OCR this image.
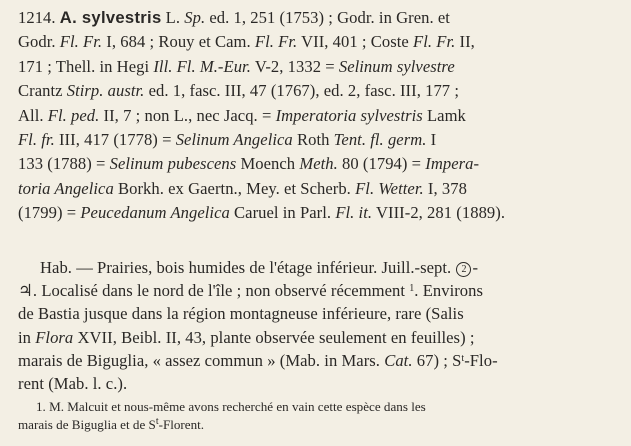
1214. A. sylvestris L. Sp. ed. 1, 251 (1753) ; Godr. in Gren. et
Godr. Fl. Fr. I, 684 ; Rouy et Cam. Fl. Fr. VII, 401 ; Coste Fl. Fr. II,
171 ; Thell. in Hegi Ill. Fl. M.-Eur. V-2, 1332 = Selinum sylvestre
Crantz Stirp. austr. ed. 1, fasc. III, 47 (1767), ed. 2, fasc. III, 177 ;
All. Fl. ped. II, 7 ; non L., nec Jacq. = Imperatoria sylvestris Lamk
Fl. fr. III, 417 (1778) = Selinum Angelica Roth Tent. fl. germ. I
133 (1788) = Selinum pubescens Moench Meth. 80 (1794) = Impera-
toria Angelica Borkh. ex Gaertn., Mey. et Scherb. Fl. Wetter. I, 378
(1799) = Peucedanum Angelica Caruel in Parl. Fl. it. VIII-2, 281 (1889).
Hab. — Prairies, bois humides de l'étage inférieur. Juill.-sept. 2 -
♃. Localisé dans le nord de l'île ; non observé récemment $^1$. Environs
de Bastia jusque dans la région montagneuse inférieure, rare (Salis
in Flora XVII, Beibl. II, 43, plante observée seulement en feuilles) ;
marais de Biguglia, « assez commun » (Mab. in Mars. Cat. 67) ; $S^t-Flo-$
rent (Mab. l. c.).
1. M. Malcuit et nous-même avons recherché en vain cette espèce dans les
marais de Biguglia et de $S^t$-Florent.
